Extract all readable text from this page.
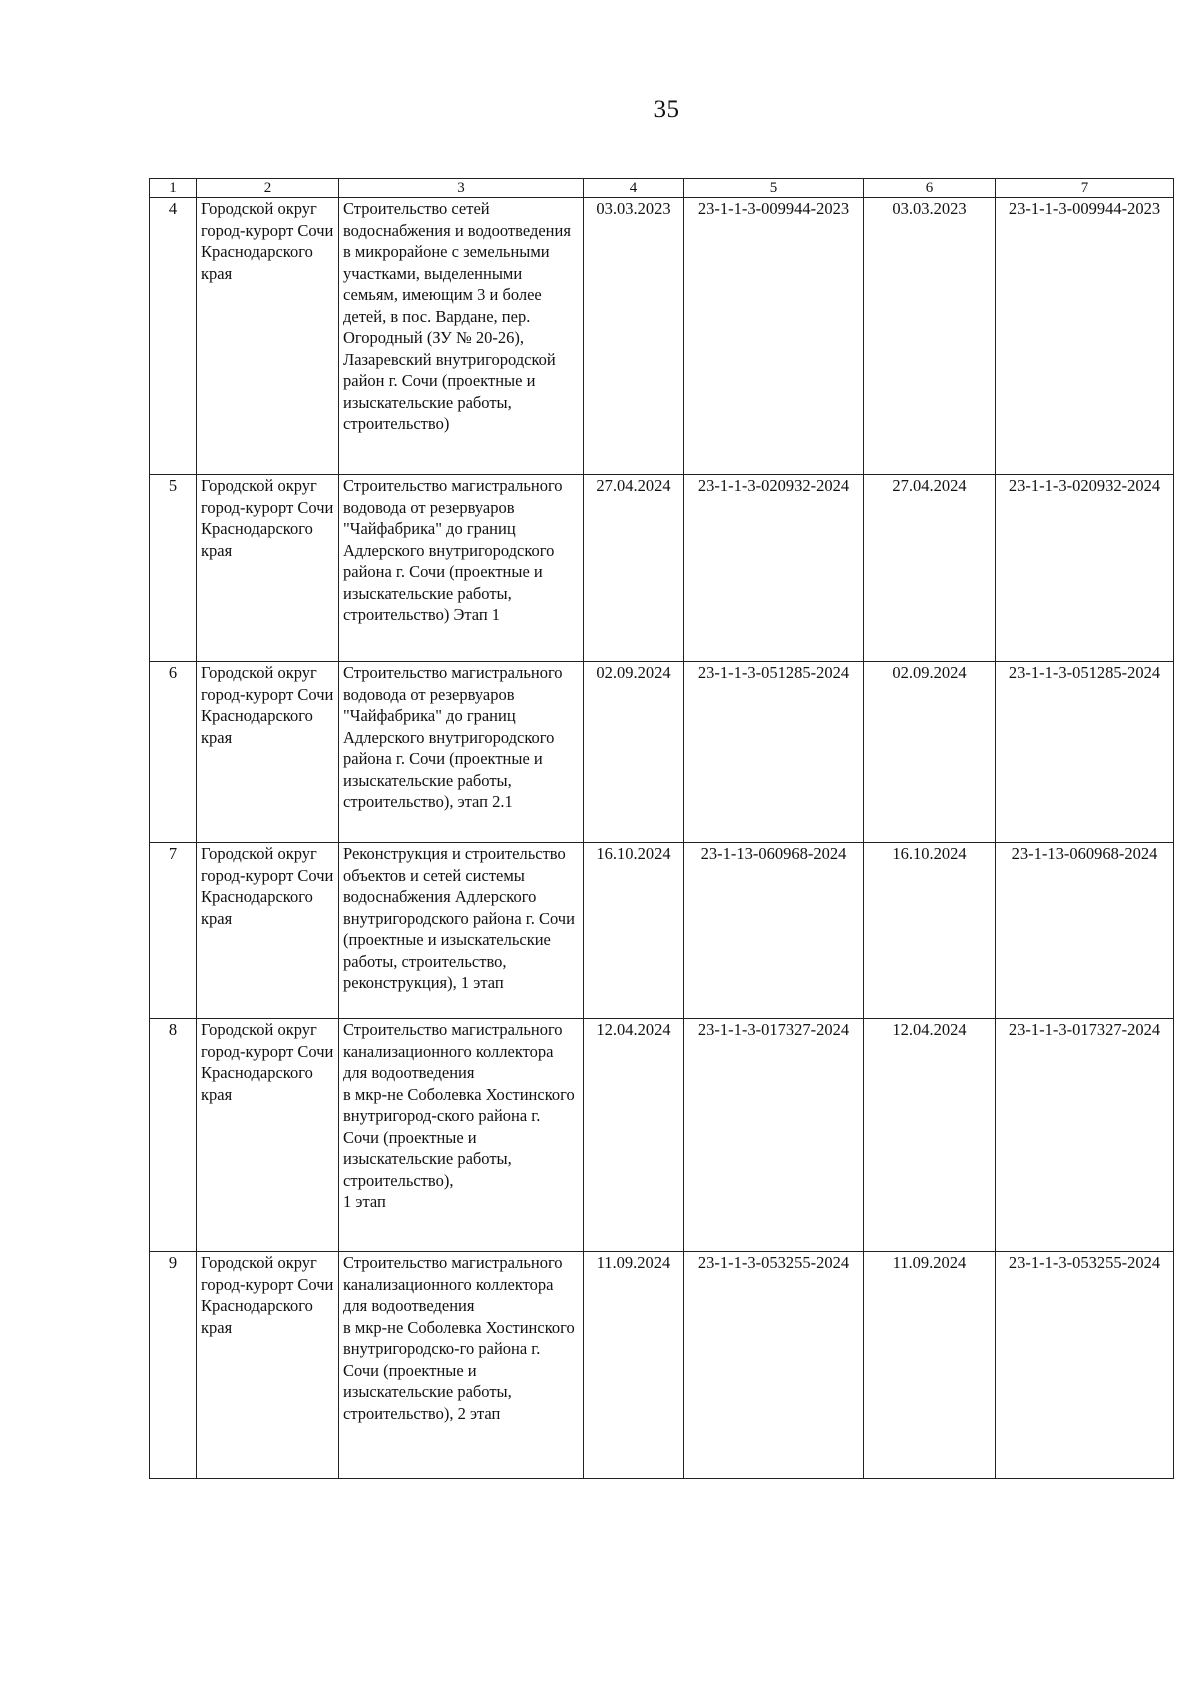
35
1	2	3	4	5	6	7
4	Городской округ город-курорт Сочи Краснодарского края	Строительство сетей водоснабжения и водоотведения в микрорайоне с земельными участками, выделенными семьям, имеющим 3 и более детей, в пос. Вардане, пер. Огородный (ЗУ № 20-26), Лазаревский внутригородской район г. Сочи (проектные и изыскательские работы, строительство)	03.03.2023	23-1-1-3-009944-2023	03.03.2023	23-1-1-3-009944-2023
5	Городской округ город-курорт Сочи Краснодарского края	Строительство магистрального водовода от резервуаров "Чайфабрика" до границ Адлерского внутригородского района г. Сочи (проектные и изыскательские работы, строительство) Этап 1	27.04.2024	23-1-1-3-020932-2024	27.04.2024	23-1-1-3-020932-2024
6	Городской округ город-курорт Сочи Краснодарского края	Строительство магистрального водовода от резервуаров "Чайфабрика" до границ Адлерского внутригородского района г. Сочи (проектные и изыскательские работы, строительство), этап 2.1	02.09.2024	23-1-1-3-051285-2024	02.09.2024	23-1-1-3-051285-2024
7	Городской округ город-курорт Сочи Краснодарского края	Реконструкция и строительство объектов и сетей системы водоснабжения Адлерского внутригородского района г. Сочи (проектные и изыскательские работы, строительство, реконструкция), 1 этап	16.10.2024	23-1-13-060968-2024	16.10.2024	23-1-13-060968-2024
8	Городской округ город-курорт Сочи Краснодарского края	Строительство магистрального канализационного коллектора для водоотведения
в мкр-не Соболевка Хостинского внутригород-ского района г. Сочи (проектные и изыскательские работы, строительство),
1 этап	12.04.2024	23-1-1-3-017327-2024	12.04.2024	23-1-1-3-017327-2024
9	Городской округ город-курорт Сочи Краснодарского края	Строительство магистрального канализационного коллектора для водоотведения
в мкр-не Соболевка Хостинского внутригородско-го района г. Сочи (проектные и изыскательские работы, строительство), 2 этап	11.09.2024	23-1-1-3-053255-2024	11.09.2024	23-1-1-3-053255-2024
